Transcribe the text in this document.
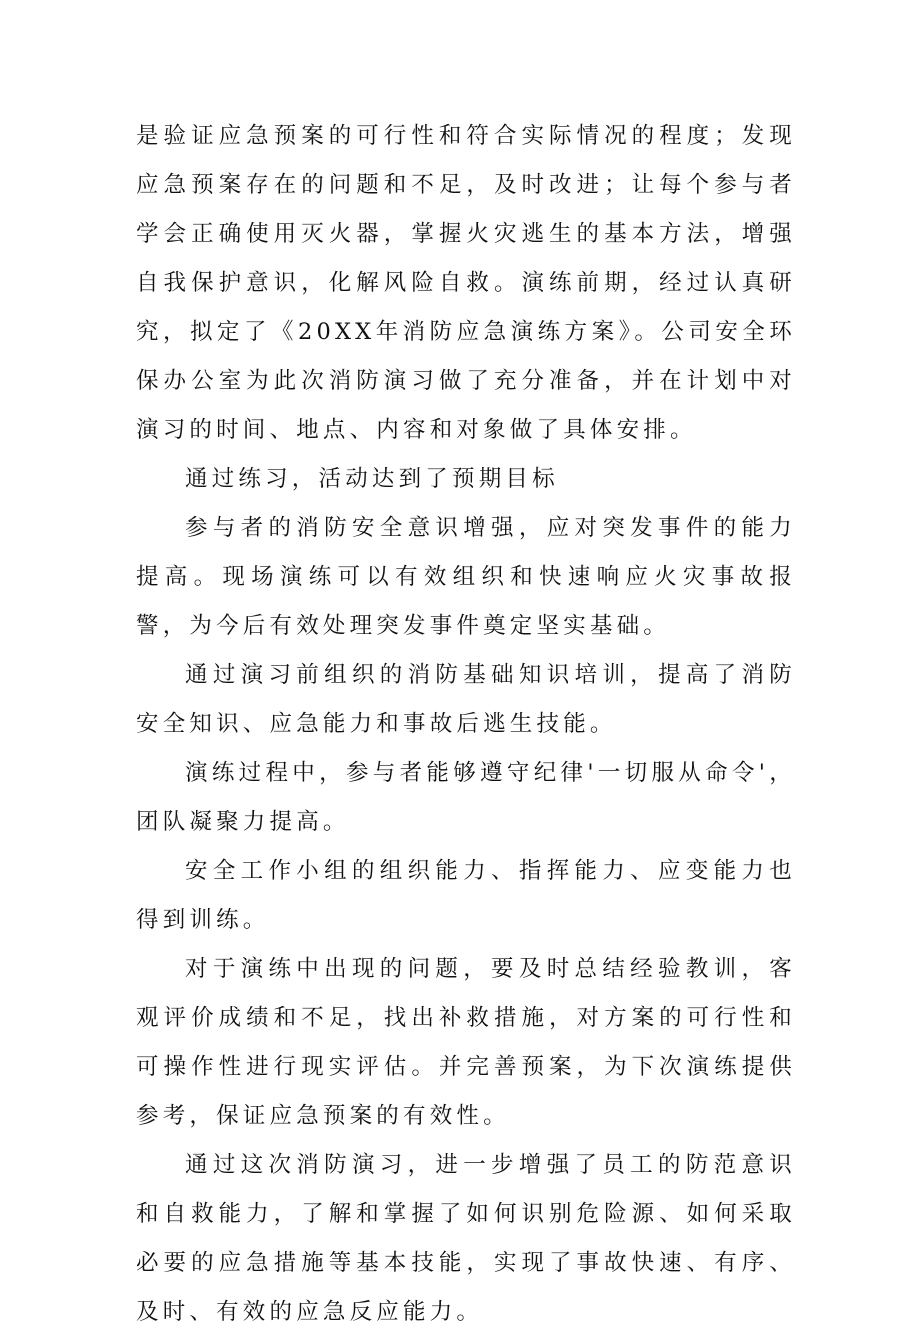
是验证应急预案的可行性和符合实际情况的程度；发现应急预案存在的问题和不足，及时改进；让每个参与者学会正确使用灭火器，掌握火灾逃生的基本方法，增强自我保护意识，化解风险自救。演练前期，经过认真研究，拟定了《20XX年消防应急演练方案》。公司安全环保办公室为此次消防演习做了充分准备，并在计划中对演习的时间、地点、内容和对象做了具体安排。

通过练习，活动达到了预期目标

参与者的消防安全意识增强，应对突发事件的能力提高。现场演练可以有效组织和快速响应火灾事故报警，为今后有效处理突发事件奠定坚实基础。

通过演习前组织的消防基础知识培训，提高了消防安全知识、应急能力和事故后逃生技能。

演练过程中，参与者能够遵守纪律'一切服从命令'，团队凝聚力提高。

安全工作小组的组织能力、指挥能力、应变能力也得到训练。

对于演练中出现的问题，要及时总结经验教训，客观评价成绩和不足，找出补救措施，对方案的可行性和可操作性进行现实评估。并完善预案，为下次演练提供参考，保证应急预案的有效性。

通过这次消防演习，进一步增强了员工的防范意识和自救能力，了解和掌握了如何识别危险源、如何采取必要的应急措施等基本技能，实现了事故快速、有序、及时、有效的应急反应能力。
